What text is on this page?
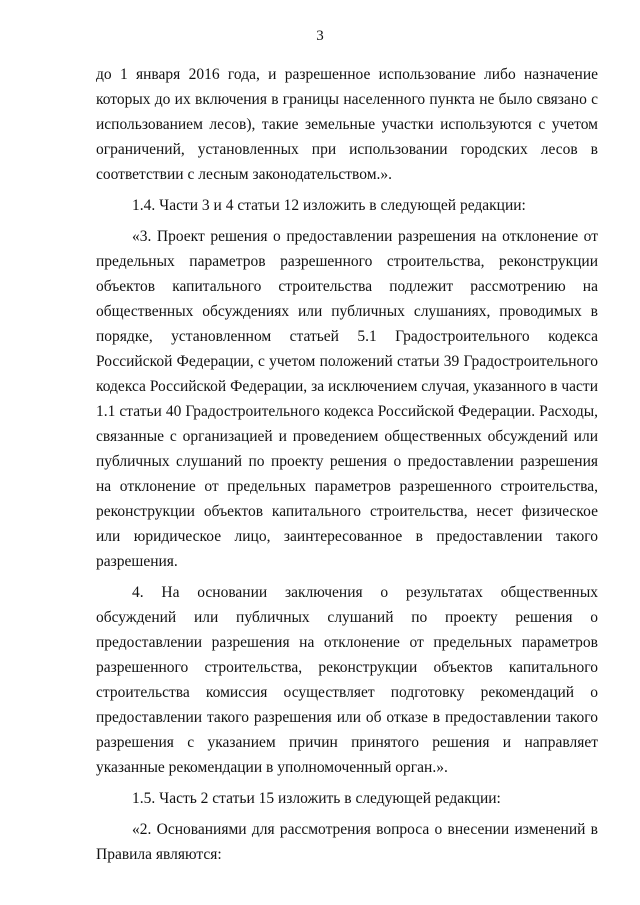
3

до 1 января 2016 года, и разрешенное использование либо назначение которых до их включения в границы населенного пункта не было связано с использованием лесов), такие земельные участки используются с учетом ограничений, установленных при использовании городских лесов в соответствии с лесным законодательством.».

1.4. Части 3 и 4 статьи 12 изложить в следующей редакции:

«3. Проект решения о предоставлении разрешения на отклонение от предельных параметров разрешенного строительства, реконструкции объектов капитального строительства подлежит рассмотрению на общественных обсуждениях или публичных слушаниях, проводимых в порядке, установленном статьей 5.1 Градостроительного кодекса Российской Федерации, с учетом положений статьи 39 Градостроительного кодекса Российской Федерации, за исключением случая, указанного в части 1.1 статьи 40 Градостроительного кодекса Российской Федерации. Расходы, связанные с организацией и проведением общественных обсуждений или публичных слушаний по проекту решения о предоставлении разрешения на отклонение от предельных параметров разрешенного строительства, реконструкции объектов капитального строительства, несет физическое или юридическое лицо, заинтересованное в предоставлении такого разрешения.

4. На основании заключения о результатах общественных обсуждений или публичных слушаний по проекту решения о предоставлении разрешения на отклонение от предельных параметров разрешенного строительства, реконструкции объектов капитального строительства комиссия осуществляет подготовку рекомендаций о предоставлении такого разрешения или об отказе в предоставлении такого разрешения с указанием причин принятого решения и направляет указанные рекомендации в уполномоченный орган.».

1.5. Часть 2 статьи 15 изложить в следующей редакции:

«2. Основаниями для рассмотрения вопроса о внесении изменений в Правила являются:
